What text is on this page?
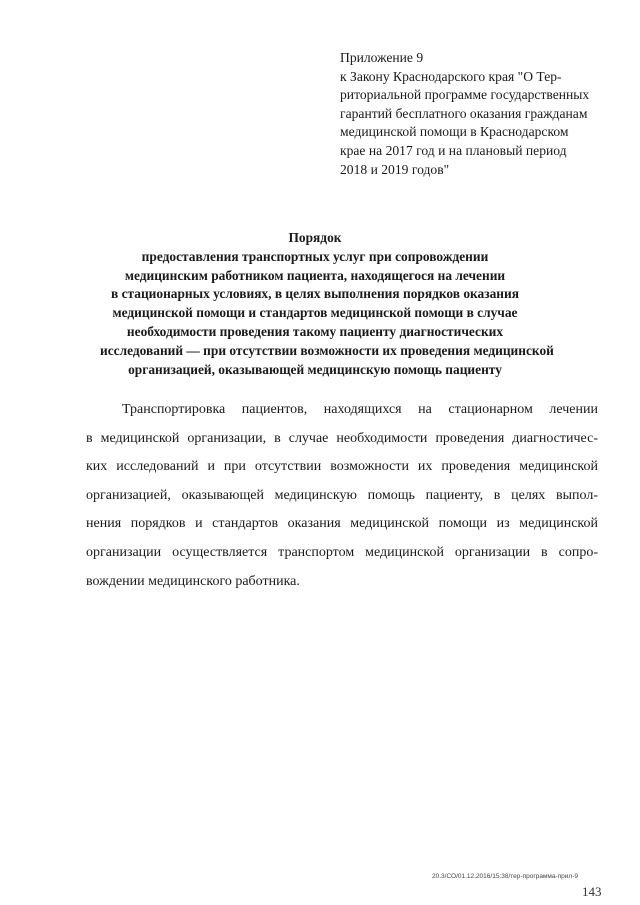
Приложение 9
к Закону Краснодарского края "О Тер-
риториальной программе государственных
гарантий бесплатного оказания гражданам
медицинской помощи в Краснодарском
крае на 2017 год и на плановый период
2018 и 2019 годов"
Порядок
предоставления транспортных услуг при сопровождении
медицинским работником пациента, находящегося на лечении
в стационарных условиях, в целях выполнения порядков оказания
медицинской помощи и стандартов медицинской помощи в случае
необходимости проведения такому пациенту диагностических
исследований — при отсутствии возможности их проведения медицинской
организацией, оказывающей медицинскую помощь пациенту
Транспортировка пациентов, находящихся на стационарном лечении
в медицинской организации, в случае необходимости проведения диагностичес-
ких исследований и при отсутствии возможности их проведения медицинской
организацией, оказывающей медицинскую помощь пациенту, в целях выпол-
нения порядков и стандартов оказания медицинской помощи из медицинской
организации осуществляется транспортом медицинской организации в сопро-
вождении медицинского работника.
20.3/СО/01.12.2016/15:38/тер-программа-прил-9
143
